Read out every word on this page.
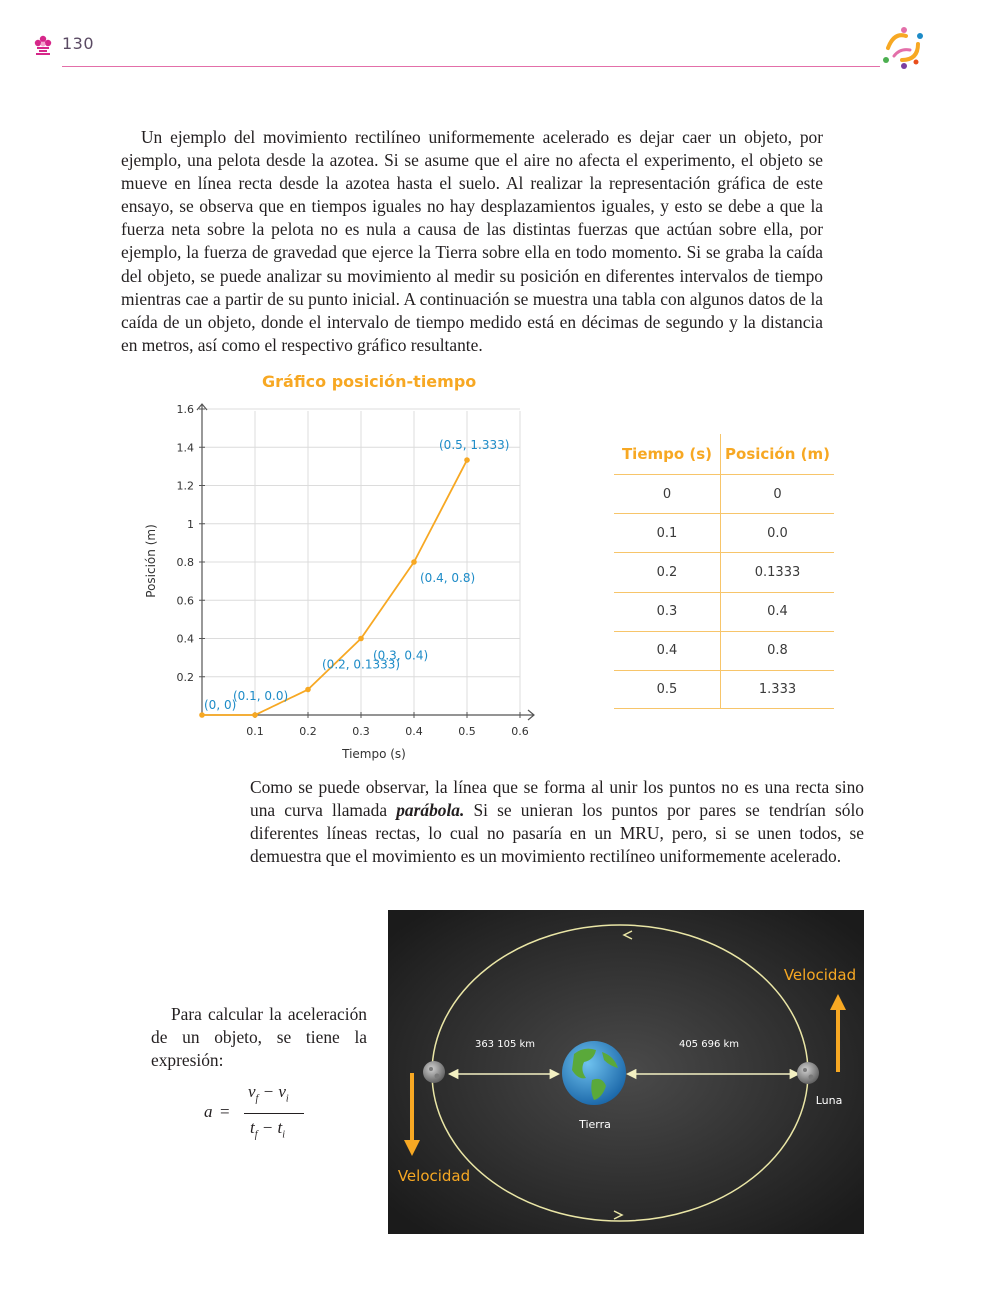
130

Un ejemplo del movimiento rectilíneo uniformemente acelerado es dejar caer un objeto, por ejemplo, una pelota desde la azotea. Si se asume que el aire no afecta el experimento, el objeto se mueve en línea recta desde la azotea hasta el suelo. Al realizar la representación gráfica de este ensayo, se observa que en tiempos iguales no hay desplazamientos iguales, y esto se debe a que la fuerza neta sobre la pelota no es nula a causa de las distintas fuerzas que actúan sobre ella, por ejemplo, la fuerza de gravedad que ejerce la Tierra sobre ella en todo momento. Si se graba la caída del objeto, se puede analizar su movimiento al medir su posición en diferentes intervalos de tiempo mientras cae a partir de su punto inicial. A continuación se muestra una tabla con algunos datos de la caída de un objeto, donde el intervalo de tiempo medido está en décimas de segundo y la distancia en metros, así como el respectivo gráfico resultante.

Gráfico posición-tiempo
0.1	0.2	0.3	0.4	0.5	0.6
0.2
0.4
0.6
0.8
1
1.2
1.4
1.6
Tiempo (s)
Posición (m)
(0, 0)
(0.1, 0.0)
(0.2, 0.1333)
(0.3, 0.4)
(0.4, 0.8)
(0.5, 1.333)	Tiempo (s) Posición (m)
0	0
0.1	0.0
0.2	0.1333
0.3	0.4
0.4	0.8
0.5	1.333

Como se puede observar, la línea que se forma al unir los puntos no es una recta sino una curva llamada parábola. Si se unieran los puntos por pares se tendrían sólo diferentes líneas rectas, lo cual no pasaría en un MRU, pero, si se unen todos, se demuestra que el movimiento es un movimiento rectilíneo uniformemente acelerado.

Para calcular la aceleración de un objeto, se tiene la expresión:

a =
$v_f - v_i$
$t_f - t_i$
363 105 km	405 696 km
Tierra
Luna
Velocidad
Velocidad
